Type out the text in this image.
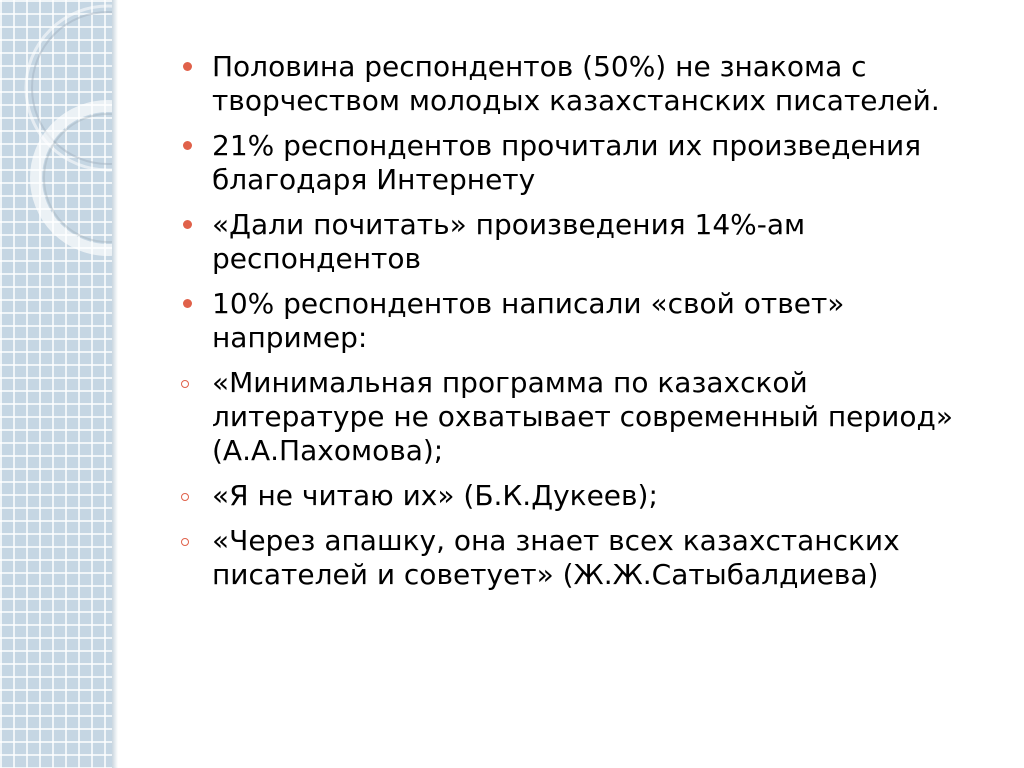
Половина респондентов (50%) не знакома с творчеством молодых казахстанских писателей.
21% респондентов прочитали их произведения благодаря Интернету
«Дали почитать» произведения 14%-ам респондентов
10% респондентов написали «свой ответ» например:
«Минимальная программа по казахской литературе не охватывает современный период» (А.А.Пахомова);
«Я не читаю их» (Б.К.Дукеев);
«Через апашку, она знает всех казахстанских писателей и советует» (Ж.Ж.Сатыбалдиева)
